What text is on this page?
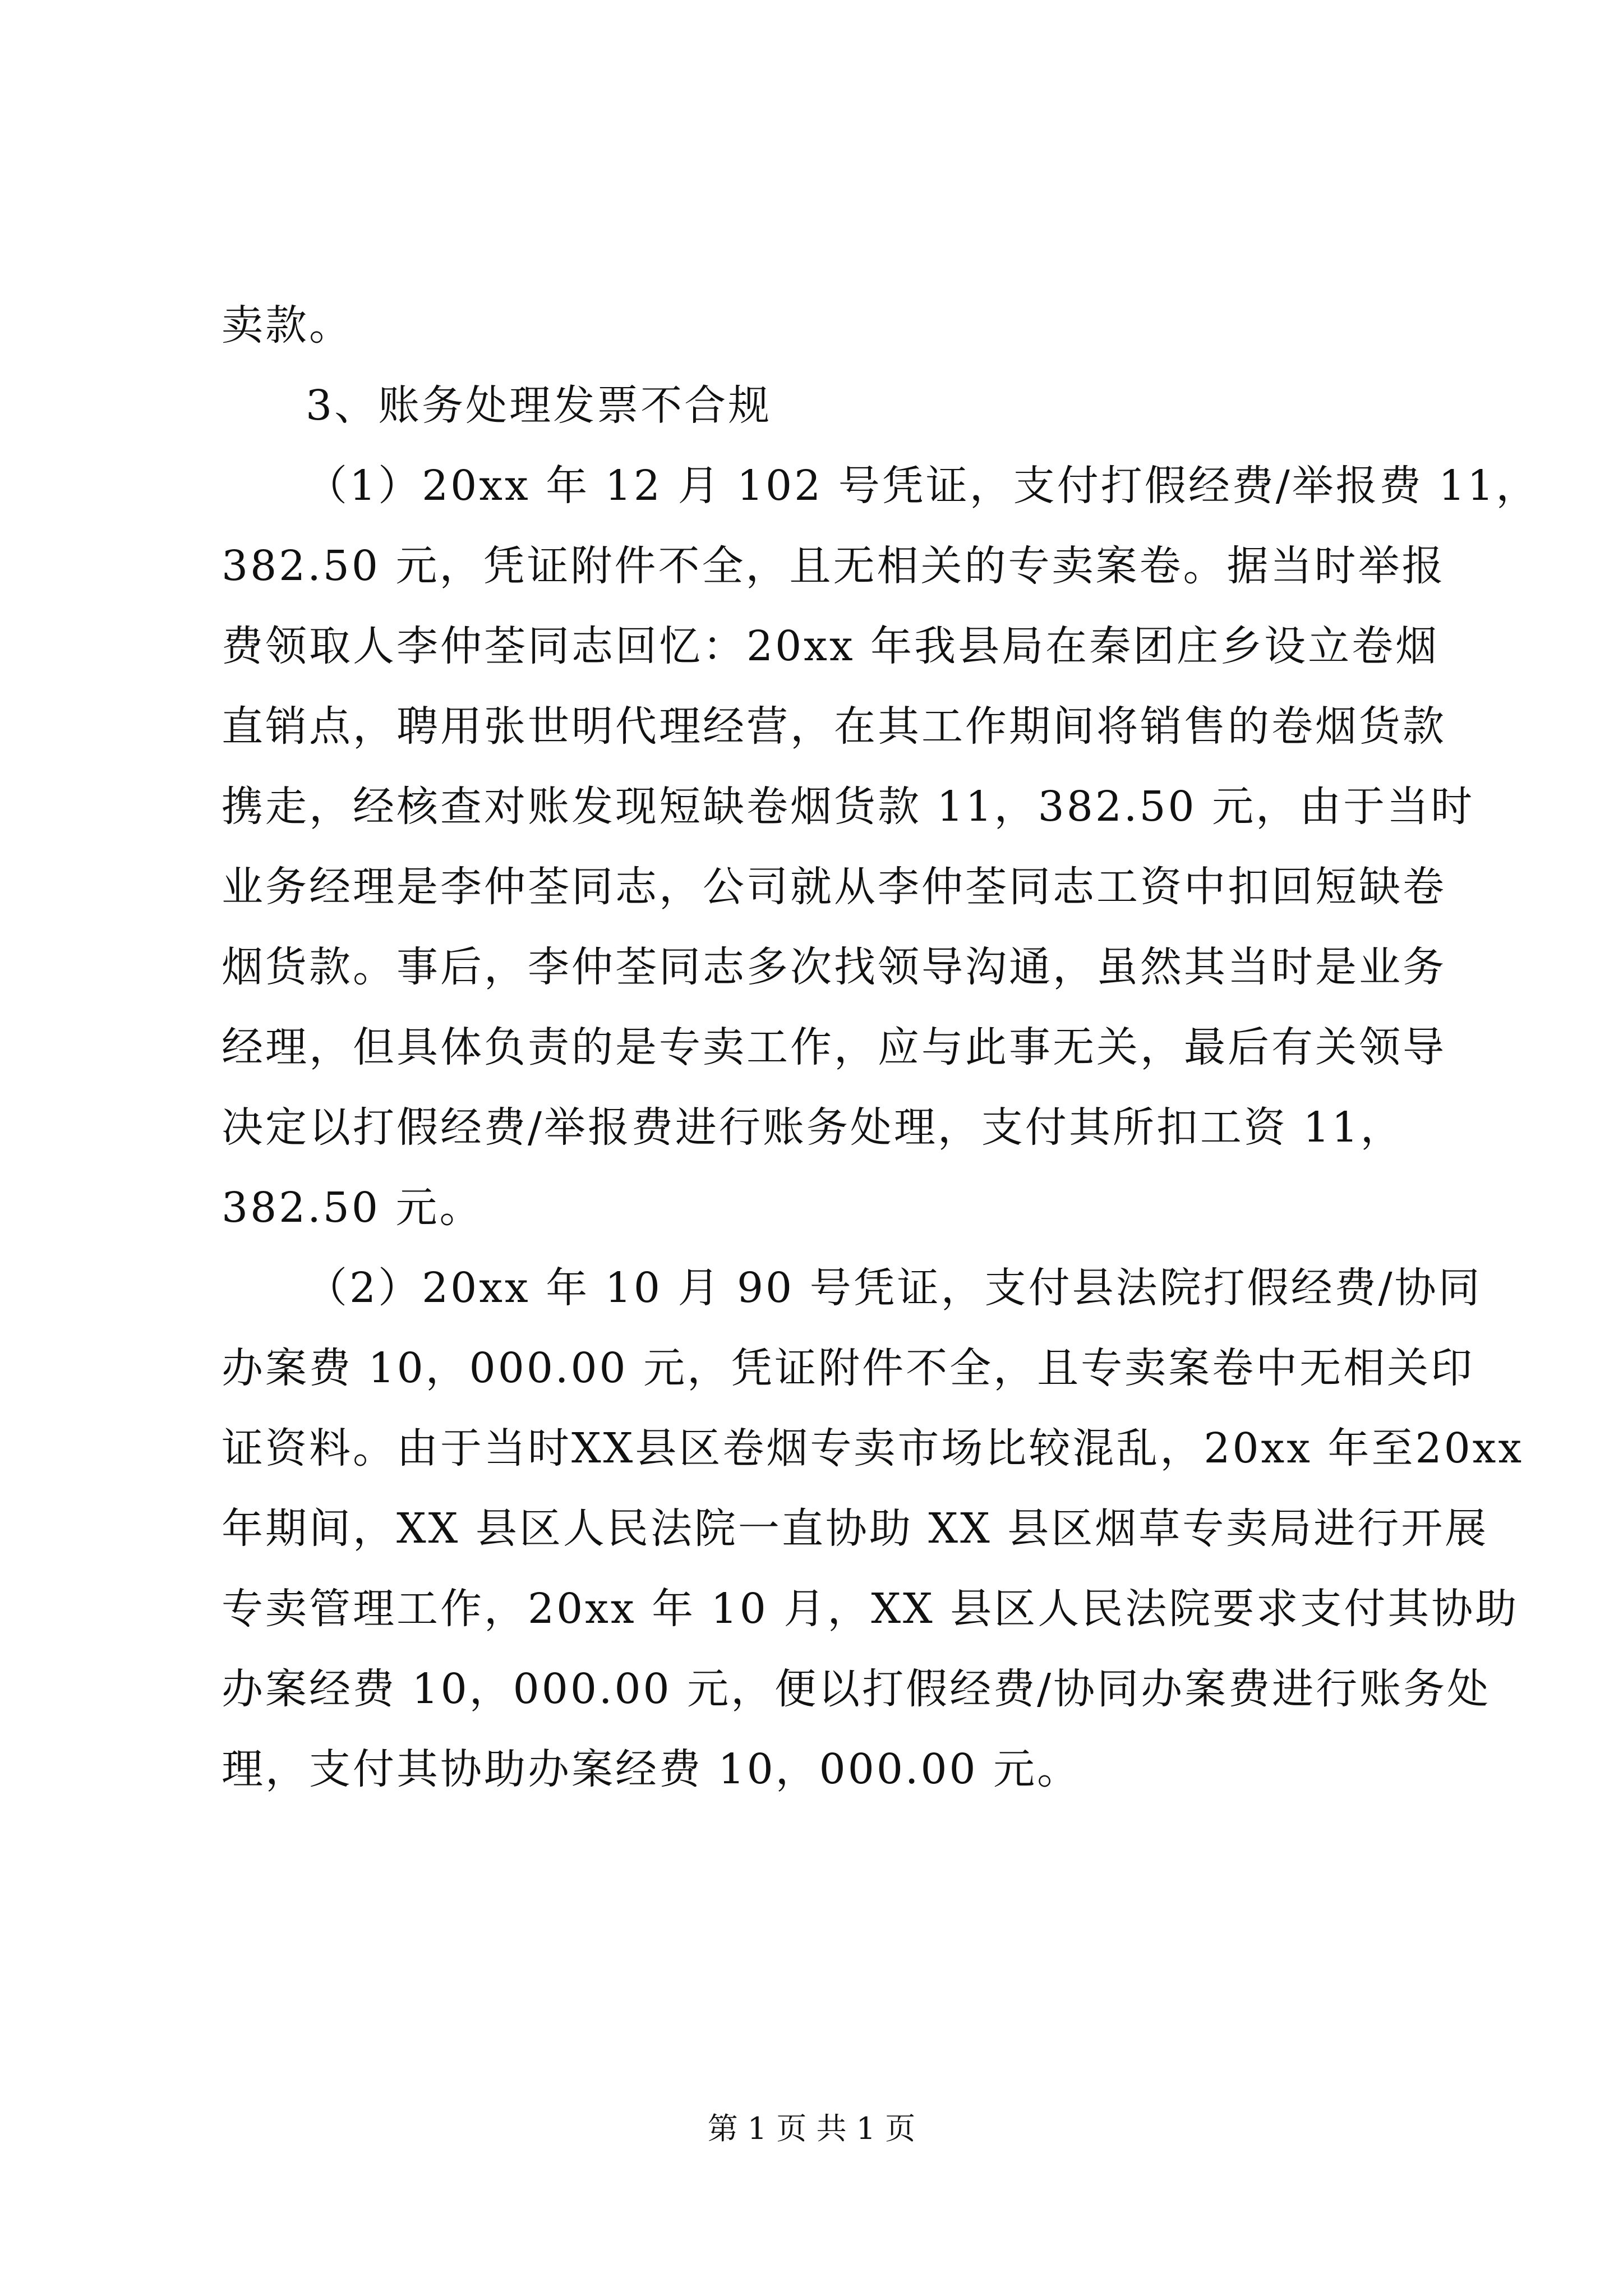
卖款。
3、账务处理发票不合规
（1）20xx 年 12 月 102 号凭证，支付打假经费/举报费 11，
382.50 元，凭证附件不全，且无相关的专卖案卷。据当时举报
费领取人李仲荃同志回忆：20xx 年我县局在秦团庄乡设立卷烟
直销点，聘用张世明代理经营，在其工作期间将销售的卷烟货款
携走，经核查对账发现短缺卷烟货款 11，382.50 元，由于当时
业务经理是李仲荃同志，公司就从李仲荃同志工资中扣回短缺卷
烟货款。事后，李仲荃同志多次找领导沟通，虽然其当时是业务
经理，但具体负责的是专卖工作，应与此事无关，最后有关领导
决定以打假经费/举报费进行账务处理，支付其所扣工资 11，
382.50 元。
（2）20xx 年 10 月 90 号凭证，支付县法院打假经费/协同
办案费 10，000.00 元，凭证附件不全，且专卖案卷中无相关印
证资料。由于当时XX县区卷烟专卖市场比较混乱，20xx 年至20xx
年期间，XX 县区人民法院一直协助 XX 县区烟草专卖局进行开展
专卖管理工作，20xx 年 10 月，XX 县区人民法院要求支付其协助
办案经费 10，000.00 元，便以打假经费/协同办案费进行账务处
理，支付其协助办案经费 10，000.00 元。
第 1 页 共 1 页
